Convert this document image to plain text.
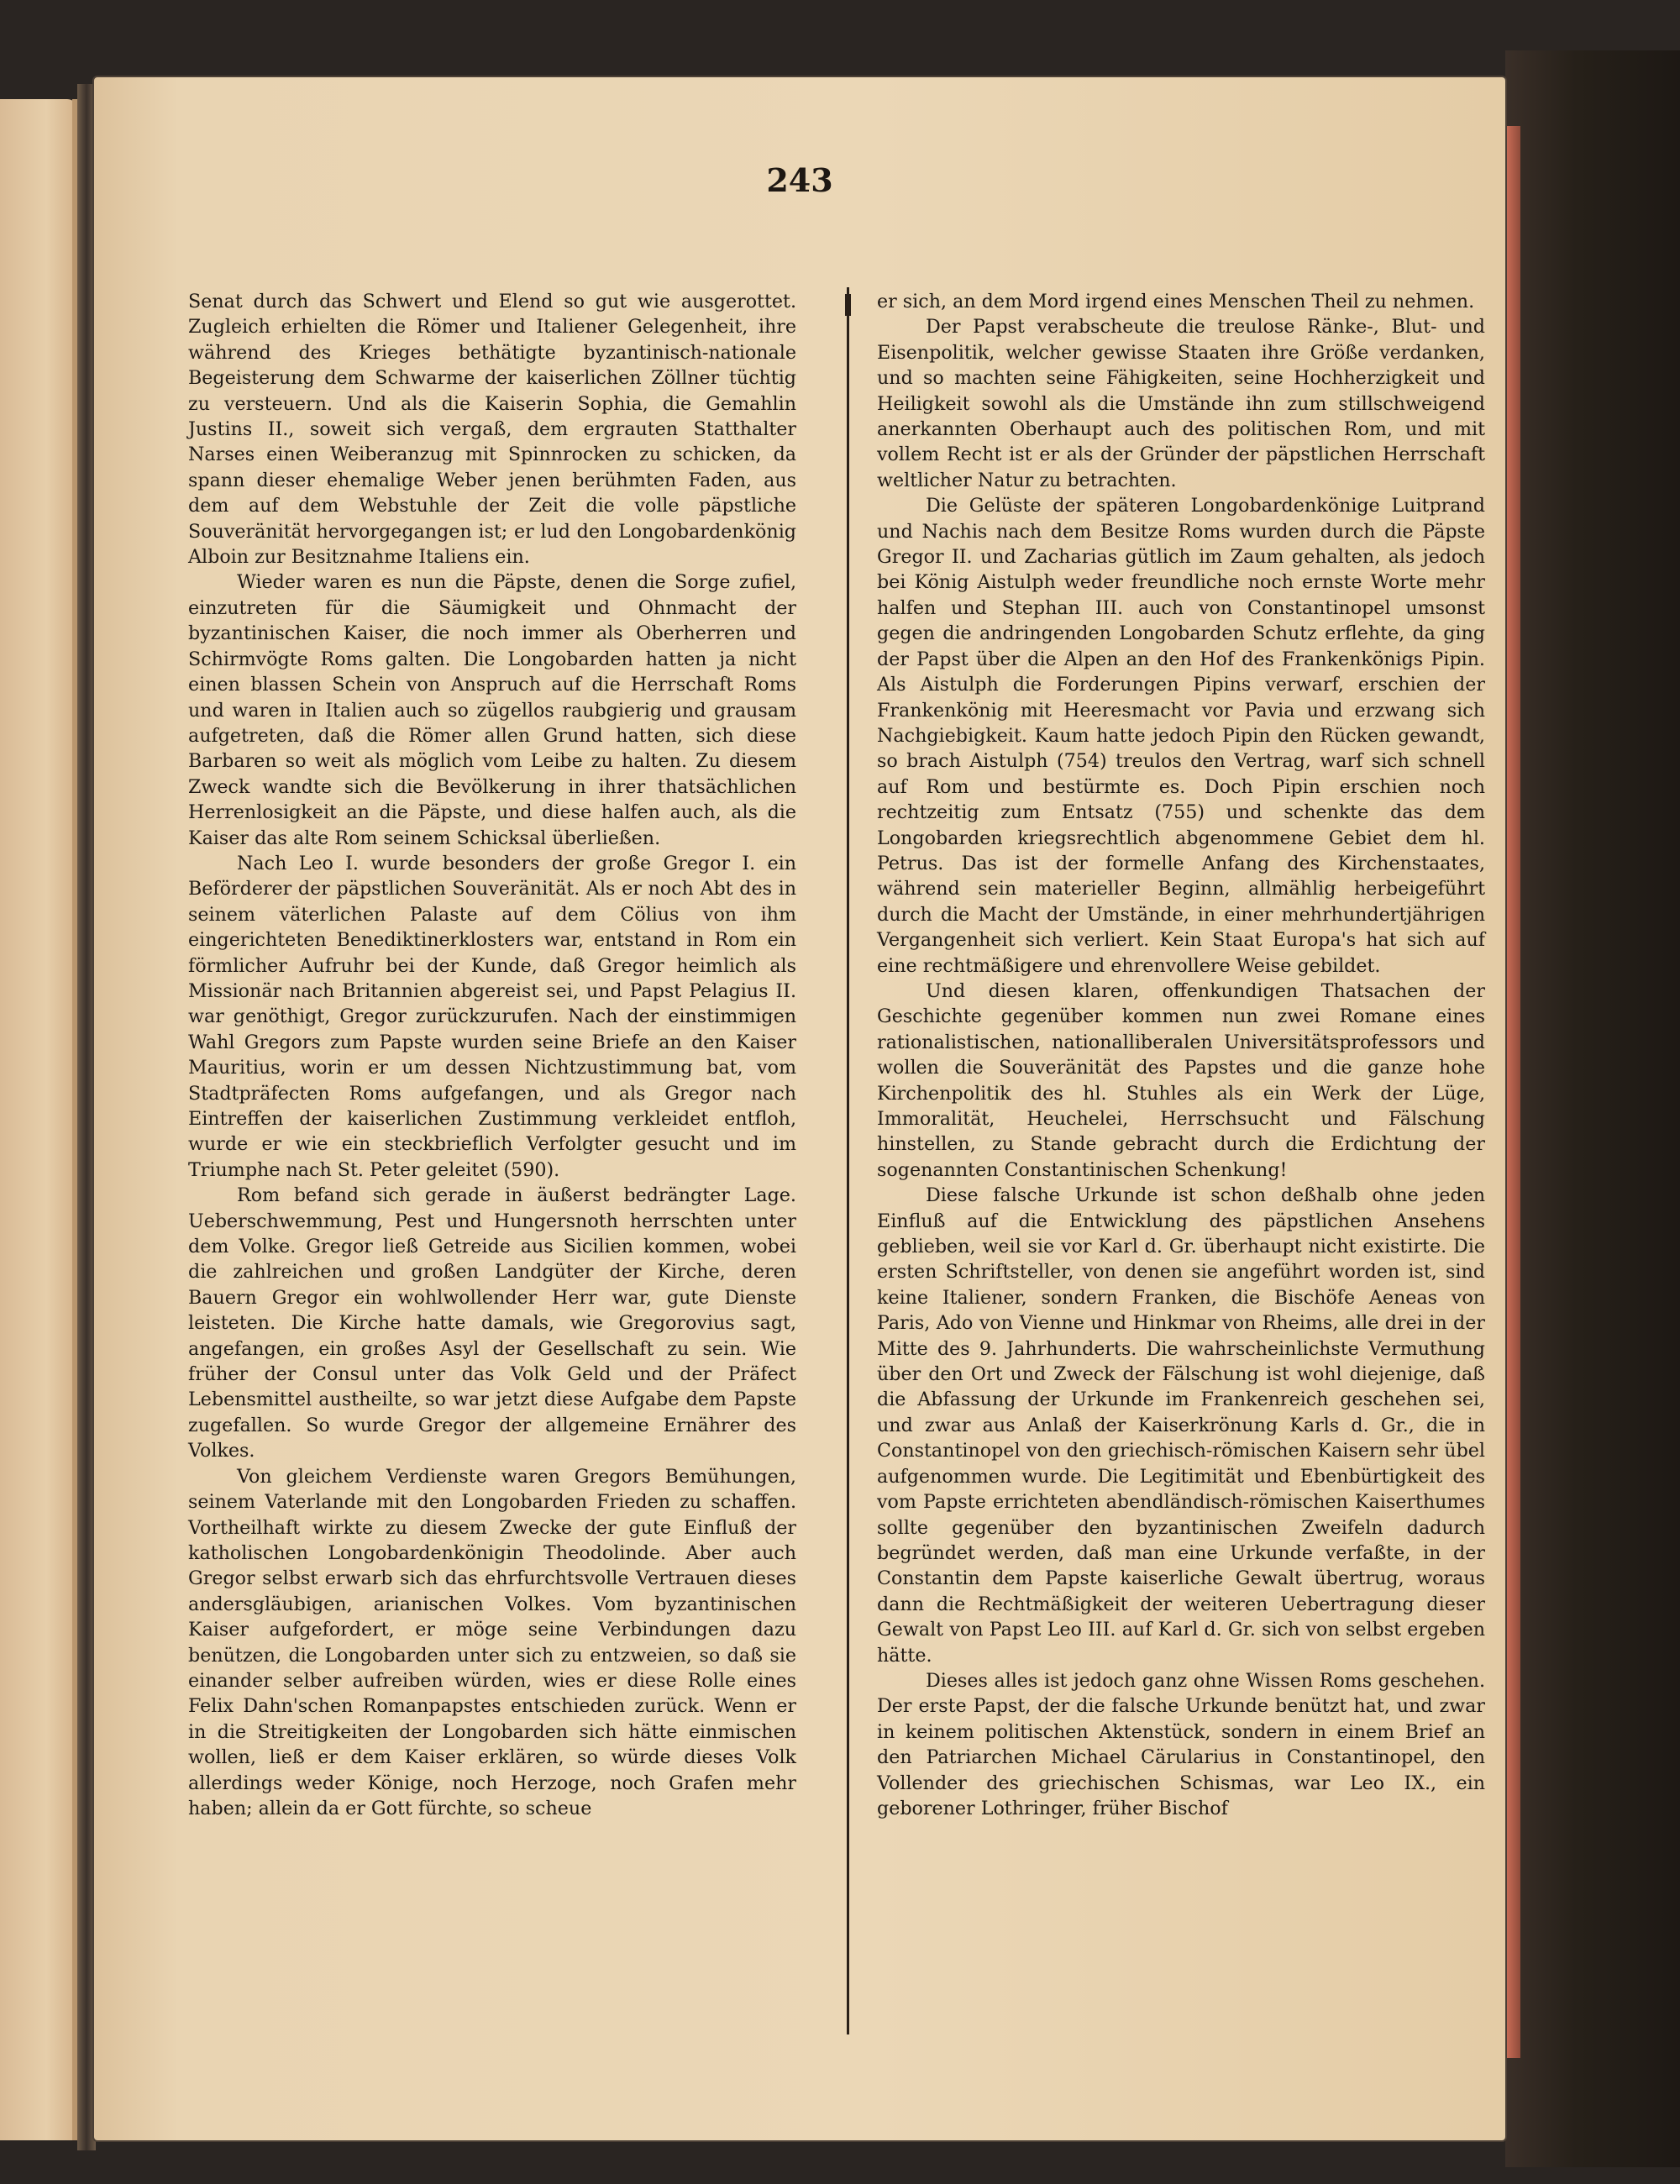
243

Senat durch das Schwert und Elend so gut wie ausgerottet. Zugleich erhielten die Römer und Italiener Gelegenheit, ihre während des Krieges bethätigte byzantinisch-nationale Begeisterung dem Schwarme der kaiserlichen Zöllner tüchtig zu versteuern. Und als die Kaiserin Sophia, die Gemahlin Justins II., soweit sich vergaß, dem ergrauten Statthalter Narses einen Weiberanzug mit Spinnrocken zu schicken, da spann dieser ehemalige Weber jenen berühmten Faden, aus dem auf dem Webstuhle der Zeit die volle päpstliche Souveränität hervorgegangen ist; er lud den Longobardenkönig Alboin zur Besitznahme Italiens ein.

Wieder waren es nun die Päpste, denen die Sorge zufiel, einzutreten für die Säumigkeit und Ohnmacht der byzantinischen Kaiser, die noch immer als Oberherren und Schirmvögte Roms galten. Die Longobarden hatten ja nicht einen blassen Schein von Anspruch auf die Herrschaft Roms und waren in Italien auch so zügellos raubgierig und grausam aufgetreten, daß die Römer allen Grund hatten, sich diese Barbaren so weit als möglich vom Leibe zu halten. Zu diesem Zweck wandte sich die Bevölkerung in ihrer thatsächlichen Herrenlosigkeit an die Päpste, und diese halfen auch, als die Kaiser das alte Rom seinem Schicksal überließen.

Nach Leo I. wurde besonders der große Gregor I. ein Beförderer der päpstlichen Souveränität. Als er noch Abt des in seinem väterlichen Palaste auf dem Cölius von ihm eingerichteten Benediktinerklosters war, entstand in Rom ein förmlicher Aufruhr bei der Kunde, daß Gregor heimlich als Missionär nach Britannien abgereist sei, und Papst Pelagius II. war genöthigt, Gregor zurückzurufen. Nach der einstimmigen Wahl Gregors zum Papste wurden seine Briefe an den Kaiser Mauritius, worin er um dessen Nichtzustimmung bat, vom Stadtpräfecten Roms aufgefangen, und als Gregor nach Eintreffen der kaiserlichen Zustimmung verkleidet entfloh, wurde er wie ein steckbrieflich Verfolgter gesucht und im Triumphe nach St. Peter geleitet (590).

Rom befand sich gerade in äußerst bedrängter Lage. Ueberschwemmung, Pest und Hungersnoth herrschten unter dem Volke. Gregor ließ Getreide aus Sicilien kommen, wobei die zahlreichen und großen Landgüter der Kirche, deren Bauern Gregor ein wohlwollender Herr war, gute Dienste leisteten. Die Kirche hatte damals, wie Gregorovius sagt, angefangen, ein großes Asyl der Gesellschaft zu sein. Wie früher der Consul unter das Volk Geld und der Präfect Lebensmittel austheilte, so war jetzt diese Aufgabe dem Papste zugefallen. So wurde Gregor der allgemeine Ernährer des Volkes.

Von gleichem Verdienste waren Gregors Bemühungen, seinem Vaterlande mit den Longobarden Frieden zu schaffen. Vortheilhaft wirkte zu diesem Zwecke der gute Einfluß der katholischen Longobardenkönigin Theodolinde. Aber auch Gregor selbst erwarb sich das ehrfurchtsvolle Vertrauen dieses andersgläubigen, arianischen Volkes. Vom byzantinischen Kaiser aufgefordert, er möge seine Verbindungen dazu benützen, die Longobarden unter sich zu entzweien, so daß sie einander selber aufreiben würden, wies er diese Rolle eines Felix Dahn'schen Romanpapstes entschieden zurück. Wenn er in die Streitigkeiten der Longobarden sich hätte einmischen wollen, ließ er dem Kaiser erklären, so würde dieses Volk allerdings weder Könige, noch Herzoge, noch Grafen mehr haben; allein da er Gott fürchte, so scheue

er sich, an dem Mord irgend eines Menschen Theil zu nehmen.

Der Papst verabscheute die treulose Ränke-, Blut- und Eisenpolitik, welcher gewisse Staaten ihre Größe verdanken, und so machten seine Fähigkeiten, seine Hochherzigkeit und Heiligkeit sowohl als die Umstände ihn zum stillschweigend anerkannten Oberhaupt auch des politischen Rom, und mit vollem Recht ist er als der Gründer der päpstlichen Herrschaft weltlicher Natur zu betrachten.

Die Gelüste der späteren Longobardenkönige Luitprand und Nachis nach dem Besitze Roms wurden durch die Päpste Gregor II. und Zacharias gütlich im Zaum gehalten, als jedoch bei König Aistulph weder freundliche noch ernste Worte mehr halfen und Stephan III. auch von Constantinopel umsonst gegen die andringenden Longobarden Schutz erflehte, da ging der Papst über die Alpen an den Hof des Frankenkönigs Pipin. Als Aistulph die Forderungen Pipins verwarf, erschien der Frankenkönig mit Heeresmacht vor Pavia und erzwang sich Nachgiebigkeit. Kaum hatte jedoch Pipin den Rücken gewandt, so brach Aistulph (754) treulos den Vertrag, warf sich schnell auf Rom und bestürmte es. Doch Pipin erschien noch rechtzeitig zum Entsatz (755) und schenkte das dem Longobarden kriegsrechtlich abgenommene Gebiet dem hl. Petrus. Das ist der formelle Anfang des Kirchenstaates, während sein materieller Beginn, allmählig herbeigeführt durch die Macht der Umstände, in einer mehrhundertjährigen Vergangenheit sich verliert. Kein Staat Europa's hat sich auf eine rechtmäßigere und ehrenvollere Weise gebildet.

Und diesen klaren, offenkundigen Thatsachen der Geschichte gegenüber kommen nun zwei Romane eines rationalistischen, nationalliberalen Universitätsprofessors und wollen die Souveränität des Papstes und die ganze hohe Kirchenpolitik des hl. Stuhles als ein Werk der Lüge, Immoralität, Heuchelei, Herrschsucht und Fälschung hinstellen, zu Stande gebracht durch die Erdichtung der sogenannten Constantinischen Schenkung!

Diese falsche Urkunde ist schon deßhalb ohne jeden Einfluß auf die Entwicklung des päpstlichen Ansehens geblieben, weil sie vor Karl d. Gr. überhaupt nicht existirte. Die ersten Schriftsteller, von denen sie angeführt worden ist, sind keine Italiener, sondern Franken, die Bischöfe Aeneas von Paris, Ado von Vienne und Hinkmar von Rheims, alle drei in der Mitte des 9. Jahrhunderts. Die wahrscheinlichste Vermuthung über den Ort und Zweck der Fälschung ist wohl diejenige, daß die Abfassung der Urkunde im Frankenreich geschehen sei, und zwar aus Anlaß der Kaiserkrönung Karls d. Gr., die in Constantinopel von den griechisch-römischen Kaisern sehr übel aufgenommen wurde. Die Legitimität und Ebenbürtigkeit des vom Papste errichteten abendländisch-römischen Kaiserthumes sollte gegenüber den byzantinischen Zweifeln dadurch begründet werden, daß man eine Urkunde verfaßte, in der Constantin dem Papste kaiserliche Gewalt übertrug, woraus dann die Rechtmäßigkeit der weiteren Uebertragung dieser Gewalt von Papst Leo III. auf Karl d. Gr. sich von selbst ergeben hätte.

Dieses alles ist jedoch ganz ohne Wissen Roms geschehen. Der erste Papst, der die falsche Urkunde benützt hat, und zwar in keinem politischen Aktenstück, sondern in einem Brief an den Patriarchen Michael Cärularius in Constantinopel, den Vollender des griechischen Schismas, war Leo IX., ein geborener Lothringer, früher Bischof
